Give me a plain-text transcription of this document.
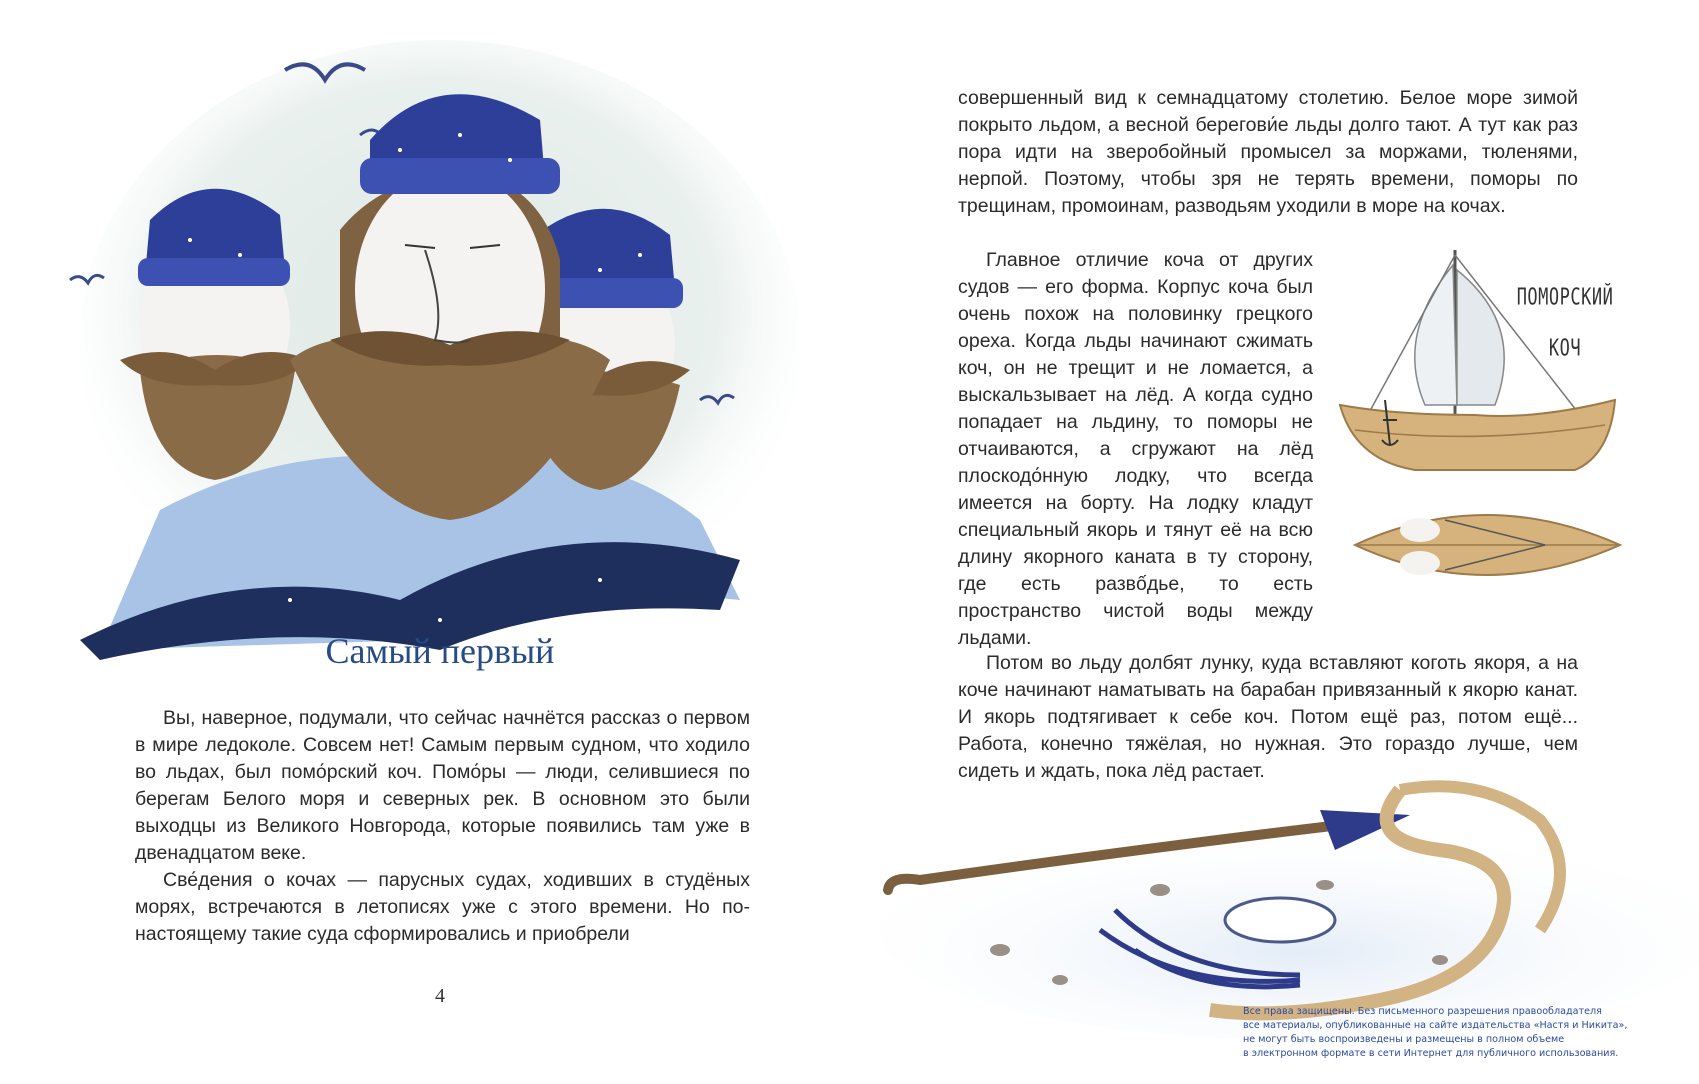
Самый первый

Вы, наверное, подумали, что сейчас начнётся рассказ о первом в мире ледоколе. Совсем нет! Самым первым судном, что ходило во льдах, был помо́рский коч. Помо́ры — люди, селившиеся по берегам Белого моря и северных рек. В основном это были выходцы из Великого Новгорода, которые появились там уже в двенадцатом веке.

Све́дения о кочах — парусных судах, ходивших в студёных морях, встречаются в летописях уже с этого времени. Но по-настоящему такие суда сформировались и приобрели

4

совершенный вид к семнадцатому столетию. Белое море зимой покрыто льдом, а весной берегови́е льды долго тают. А тут как раз пора идти на зверобойный промысел за моржами, тюленями, нерпой. Поэтому, чтобы зря не терять времени, поморы по трещинам, промоинам, разводьям уходили в море на кочах.

Главное отличие коча от других судов — его форма. Корпус коча был очень похож на половинку грецкого ореха. Когда льды начинают сжимать коч, он не трещит и не ломается, а выскальзывает на лёд. А когда судно попадает на льдину, то поморы не отчаиваются, а сгружают на лёд плоскодо́нную лодку, что всегда имеется на борту. На лодку кладут специальный якорь и тянут её на всю длину якорного каната в ту сторону, где есть развốдье, то есть пространство чистой воды между льдами.

Потом во льду долбят лунку, куда вставляют коготь якоря, а на коче начинают наматывать на барабан привязанный к якорю канат. И якорь подтягивает к себе коч. Потом ещё раз, потом ещё... Работа, конечно тяжёлая, но нужная. Это гораздо лучше, чем сидеть и ждать, пока лёд растает.

ПОМОРСКИЙ
КОЧ
Все права защищены. Без письменного разрешения правообладателя
все материалы, опубликованные на сайте издательства «Настя и Никита»,
не могут быть воспроизведены и размещены в полном объеме
в электронном формате в сети Интернет для публичного использования.
